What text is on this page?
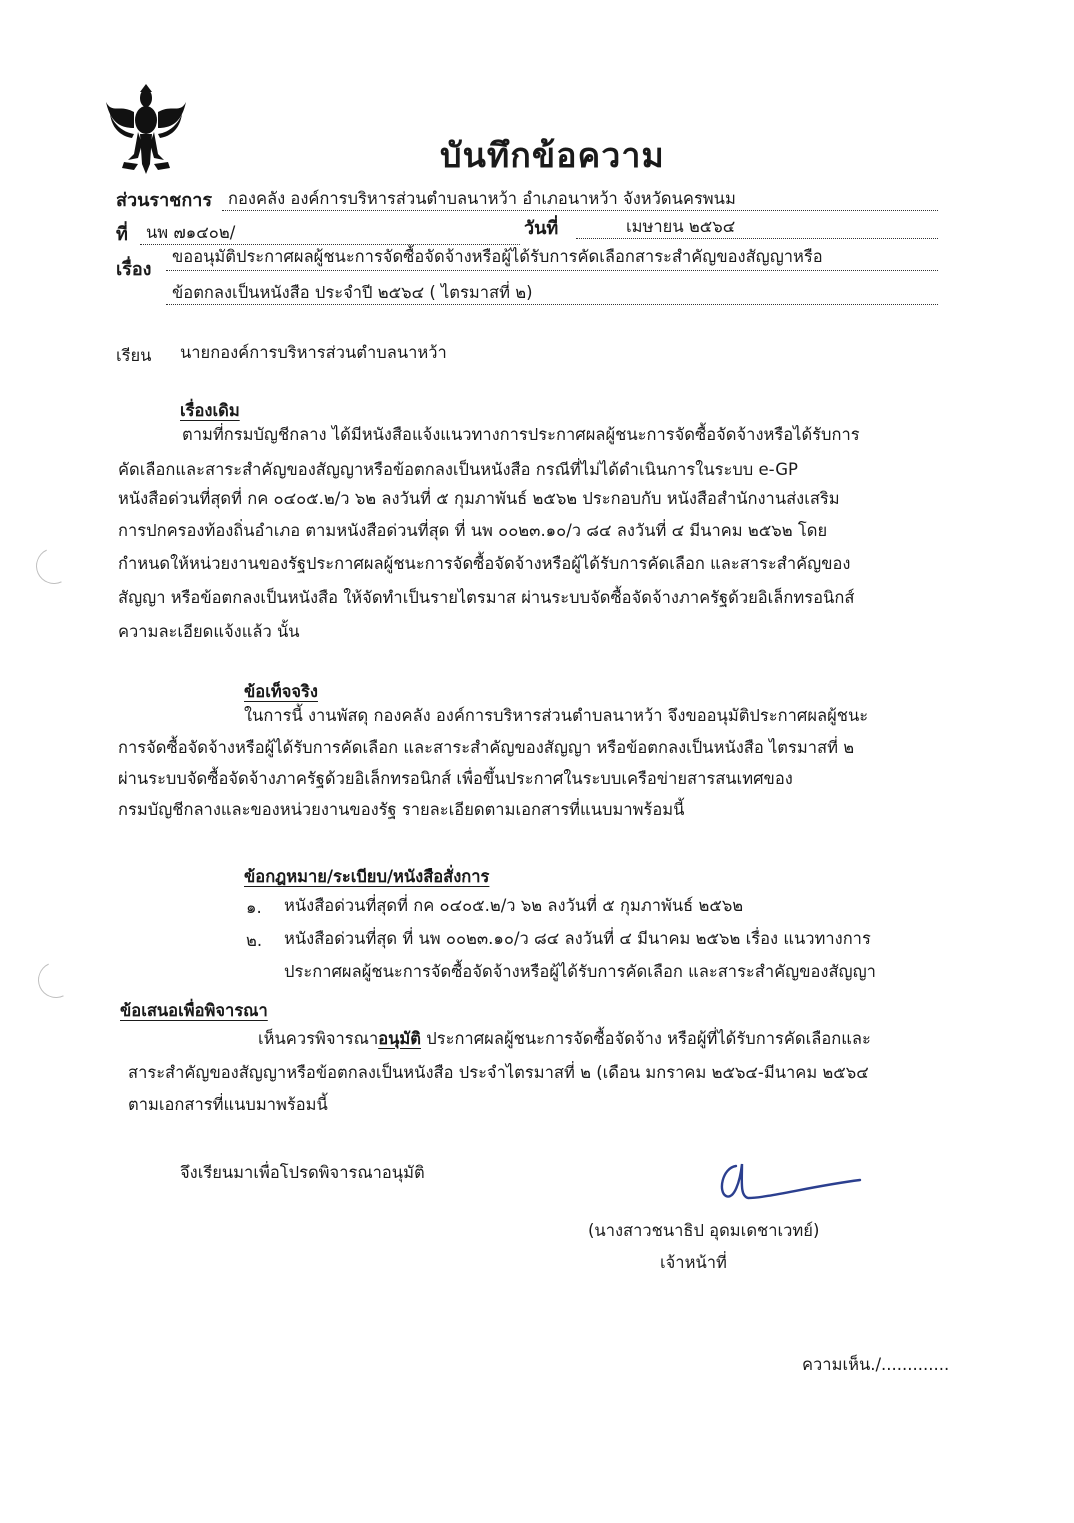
บันทึกข้อความ
ส่วนราชการ กองคลัง องค์การบริหารส่วนตำบลนาหว้า อำเภอนาหว้า จังหวัดนครพนม
ที่ นพ ๗๑๔๐๒/	วันที่	เมษายน ๒๕๖๔
เรื่อง
ขออนุมัติประกาศผลผู้ชนะการจัดซื้อจัดจ้างหรือผู้ได้รับการคัดเลือกสาระสำคัญของสัญญาหรือ
ข้อตกลงเป็นหนังสือ ประจำปี ๒๕๖๔ ( ไตรมาสที่ ๒)
เรียน นายกองค์การบริหารส่วนตำบลนาหว้า
เรื่องเดิม
ตามที่กรมบัญชีกลาง ได้มีหนังสือแจ้งแนวทางการประกาศผลผู้ชนะการจัดซื้อจัดจ้างหรือได้รับการ
คัดเลือกและสาระสำคัญของสัญญาหรือข้อตกลงเป็นหนังสือ กรณีที่ไม่ได้ดำเนินการในระบบ e-GP
หนังสือด่วนที่สุดที่ กค ๐๔๐๕.๒/ว ๖๒ ลงวันที่ ๕ กุมภาพันธ์ ๒๕๖๒ ประกอบกับ หนังสือสำนักงานส่งเสริม
การปกครองท้องถิ่นอำเภอ ตามหนังสือด่วนที่สุด ที่ นพ ๐๐๒๓.๑๐/ว ๘๔ ลงวันที่ ๔ มีนาคม ๒๕๖๒ โดย
กำหนดให้หน่วยงานของรัฐประกาศผลผู้ชนะการจัดซื้อจัดจ้างหรือผู้ได้รับการคัดเลือก และสาระสำคัญของ
สัญญา หรือข้อตกลงเป็นหนังสือ ให้จัดทำเป็นรายไตรมาส ผ่านระบบจัดซื้อจัดจ้างภาครัฐด้วยอิเล็กทรอนิกส์
ความละเอียดแจ้งแล้ว นั้น
ข้อเท็จจริง
ในการนี้ งานพัสดุ กองคลัง องค์การบริหารส่วนตำบลนาหว้า จึงขออนุมัติประกาศผลผู้ชนะ
การจัดซื้อจัดจ้างหรือผู้ได้รับการคัดเลือก และสาระสำคัญของสัญญา หรือข้อตกลงเป็นหนังสือ ไตรมาสที่ ๒
ผ่านระบบจัดซื้อจัดจ้างภาครัฐด้วยอิเล็กทรอนิกส์ เพื่อขึ้นประกาศในระบบเครือข่ายสารสนเทศของ
กรมบัญชีกลางและของหน่วยงานของรัฐ รายละเอียดตามเอกสารที่แนบมาพร้อมนี้
ข้อกฎหมาย/ระเบียบ/หนังสือสั่งการ
๑. หนังสือด่วนที่สุดที่ กค ๐๔๐๕.๒/ว ๖๒ ลงวันที่ ๕ กุมภาพันธ์ ๒๕๖๒
๒. หนังสือด่วนที่สุด ที่ นพ ๐๐๒๓.๑๐/ว ๘๔ ลงวันที่ ๔ มีนาคม ๒๕๖๒ เรื่อง แนวทางการ
ประกาศผลผู้ชนะการจัดซื้อจัดจ้างหรือผู้ได้รับการคัดเลือก และสาระสำคัญของสัญญา
ข้อเสนอเพื่อพิจารณา
เห็นควรพิจารณาอนุมัติ ประกาศผลผู้ชนะการจัดซื้อจัดจ้าง หรือผู้ที่ได้รับการคัดเลือกและ
สาระสำคัญของสัญญาหรือข้อตกลงเป็นหนังสือ ประจำไตรมาสที่ ๒ (เดือน มกราคม ๒๕๖๔-มีนาคม ๒๕๖๔
ตามเอกสารที่แนบมาพร้อมนี้
จึงเรียนมาเพื่อโปรดพิจารณาอนุมัติ
(นางสาวชนาธิป อุดมเดชาเวทย์)
เจ้าหน้าที่
ความเห็น./.............
